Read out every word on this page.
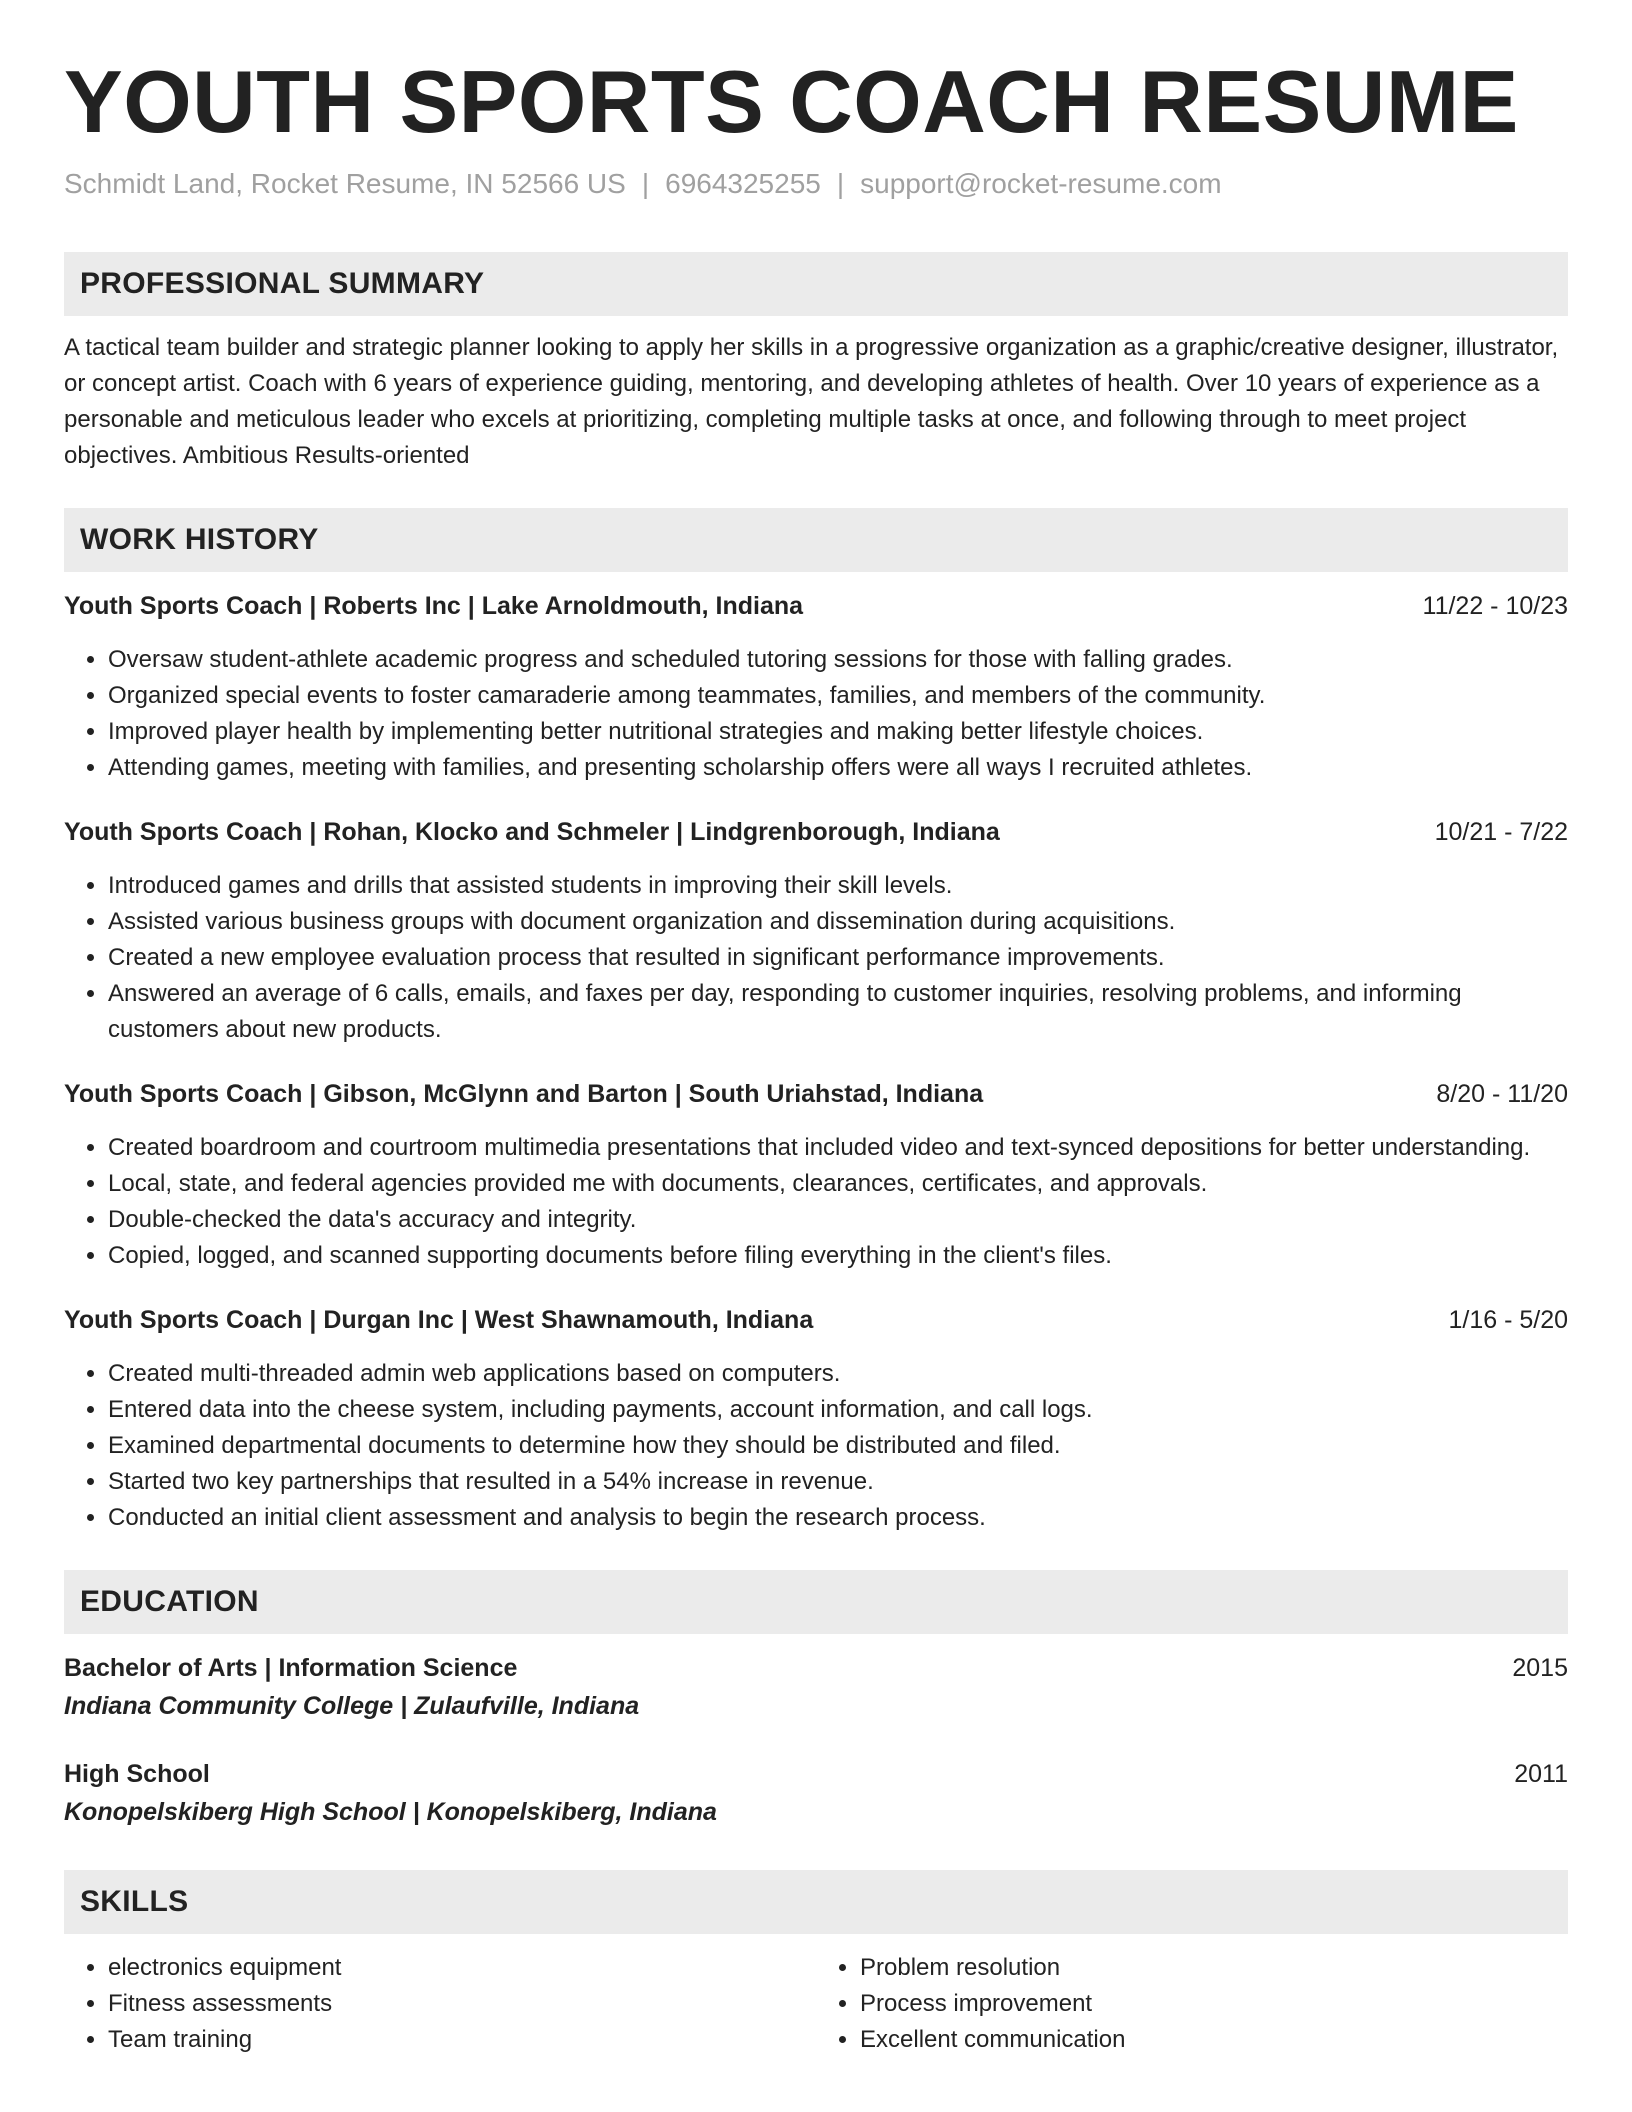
YOUTH SPORTS COACH RESUME
Schmidt Land, Rocket Resume, IN 52566 US | 6964325255 | support@rocket-resume.com
PROFESSIONAL SUMMARY

A tactical team builder and strategic planner looking to apply her skills in a progressive organization as a graphic/creative designer, illustrator, or concept artist. Coach with 6 years of experience guiding, mentoring, and developing athletes of health. Over 10 years of experience as a personable and meticulous leader who excels at prioritizing, completing multiple tasks at once, and following through to meet project objectives. Ambitious Results-oriented

WORK HISTORY
Youth Sports Coach | Roberts Inc | Lake Arnoldmouth, Indiana	11/22 - 10/23
• Oversaw student-athlete academic progress and scheduled tutoring sessions for those with falling grades.
• Organized special events to foster camaraderie among teammates, families, and members of the community.
• Improved player health by implementing better nutritional strategies and making better lifestyle choices.
• Attending games, meeting with families, and presenting scholarship offers were all ways I recruited athletes.
Youth Sports Coach | Rohan, Klocko and Schmeler | Lindgrenborough, Indiana	10/21 - 7/22
• Introduced games and drills that assisted students in improving their skill levels.
• Assisted various business groups with document organization and dissemination during acquisitions.
• Created a new employee evaluation process that resulted in significant performance improvements.
• Answered an average of 6 calls, emails, and faxes per day, responding to customer inquiries, resolving problems, and informing customers about new products.
Youth Sports Coach | Gibson, McGlynn and Barton | South Uriahstad, Indiana	8/20 - 11/20
• Created boardroom and courtroom multimedia presentations that included video and text-synced depositions for better understanding.
• Local, state, and federal agencies provided me with documents, clearances, certificates, and approvals.
• Double-checked the data's accuracy and integrity.
• Copied, logged, and scanned supporting documents before filing everything in the client's files.
Youth Sports Coach | Durgan Inc | West Shawnamouth, Indiana	1/16 - 5/20
• Created multi-threaded admin web applications based on computers.
• Entered data into the cheese system, including payments, account information, and call logs.
• Examined departmental documents to determine how they should be distributed and filed.
• Started two key partnerships that resulted in a 54% increase in revenue.
• Conducted an initial client assessment and analysis to begin the research process.
EDUCATION
Bachelor of Arts | Information Science	2015
Indiana Community College | Zulaufville, Indiana
High School	2011
Konopelskiberg High School | Konopelskiberg, Indiana
SKILLS
• electronics equipment
• Fitness assessments
• Team training
• Problem resolution
• Process improvement
• Excellent communication
